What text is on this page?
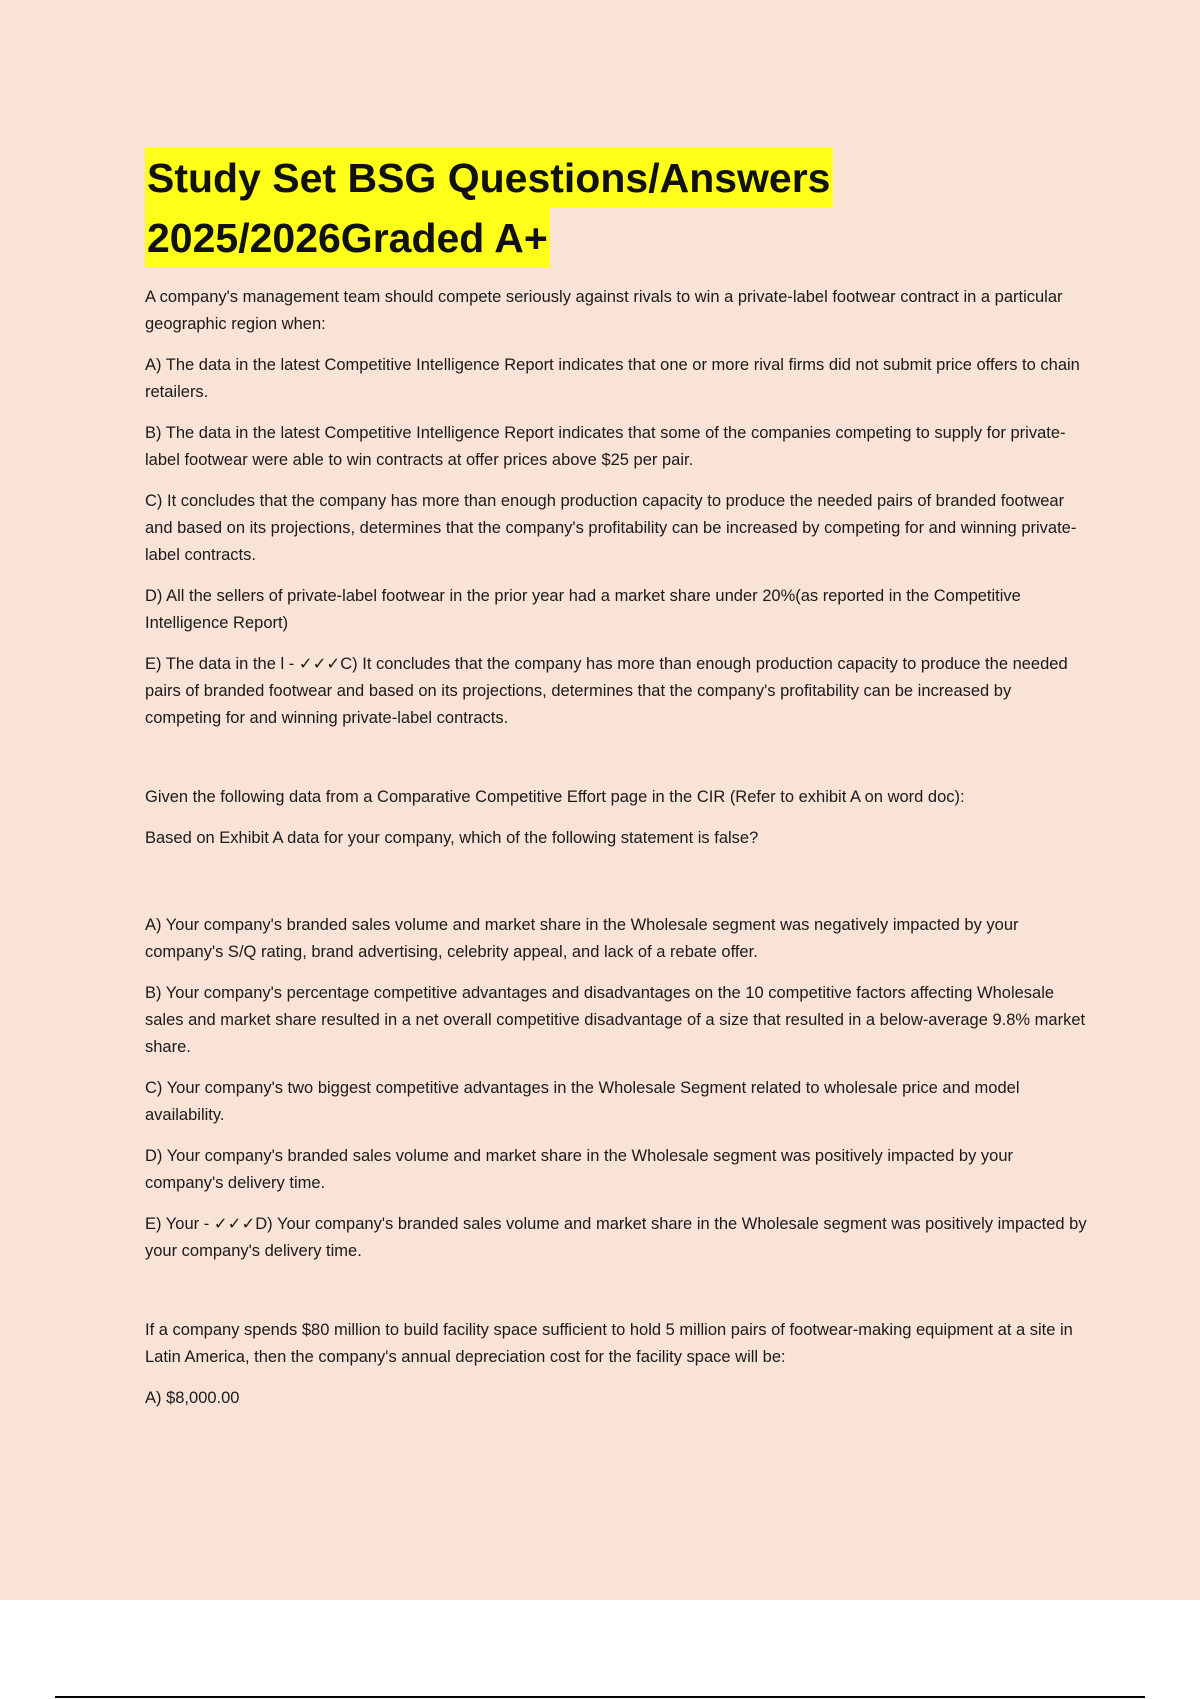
Study Set BSG Questions/Answers
2025/2026Graded A+

A company's management team should compete seriously against rivals to win a private-label footwear contract in a particular geographic region when:

A) The data in the latest Competitive Intelligence Report indicates that one or more rival firms did not submit price offers to chain retailers.

B) The data in the latest Competitive Intelligence Report indicates that some of the companies competing to supply for private-label footwear were able to win contracts at offer prices above $25 per pair.

C) It concludes that the company has more than enough production capacity to produce the needed pairs of branded footwear and based on its projections, determines that the company's profitability can be increased by competing for and winning private-label contracts.

D) All the sellers of private-label footwear in the prior year had a market share under 20%(as reported in the Competitive Intelligence Report)

E) The data in the l - ✓✓✓C) It concludes that the company has more than enough production capacity to produce the needed pairs of branded footwear and based on its projections, determines that the company's profitability can be increased by competing for and winning private-label contracts.

Given the following data from a Comparative Competitive Effort page in the CIR (Refer to exhibit A on word doc):

Based on Exhibit A data for your company, which of the following statement is false?

A) Your company's branded sales volume and market share in the Wholesale segment was negatively impacted by your company's S/Q rating, brand advertising, celebrity appeal, and lack of a rebate offer.

B) Your company's percentage competitive advantages and disadvantages on the 10 competitive factors affecting Wholesale sales and market share resulted in a net overall competitive disadvantage of a size that resulted in a below-average 9.8% market share.

C) Your company's two biggest competitive advantages in the Wholesale Segment related to wholesale price and model availability.

D) Your company's branded sales volume and market share in the Wholesale segment was positively impacted by your company's delivery time.

E) Your - ✓✓✓D) Your company's branded sales volume and market share in the Wholesale segment was positively impacted by your company's delivery time.

If a company spends $80 million to build facility space sufficient to hold 5 million pairs of footwear-making equipment at a site in Latin America, then the company's annual depreciation cost for the facility space will be:

A) $8,000.00
